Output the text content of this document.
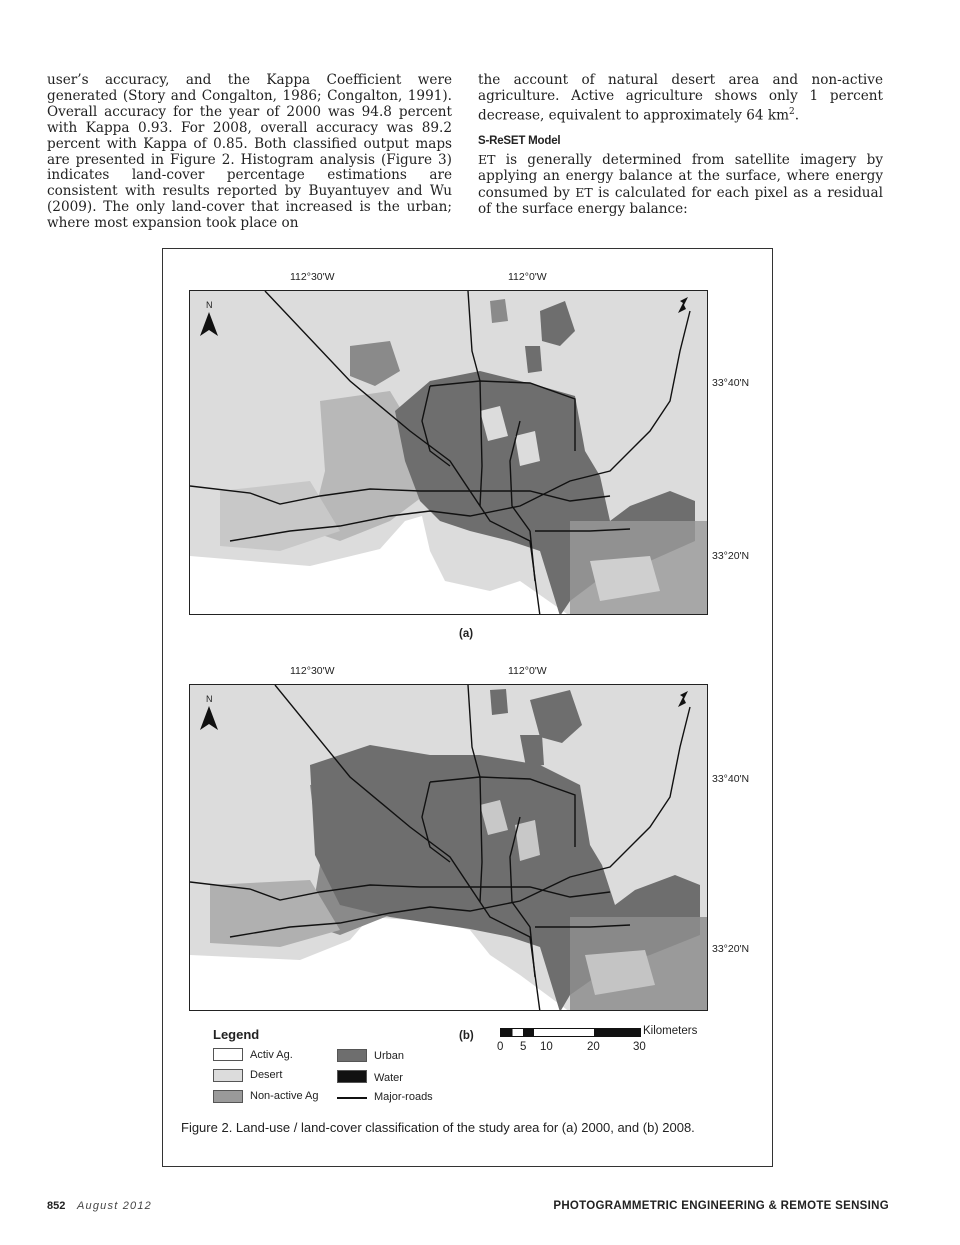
user’s accuracy, and the Kappa Coefficient were generated (Story and Congalton, 1986; Congalton, 1991). Overall accuracy for the year of 2000 was 94.8 percent with Kappa 0.93. For 2008, overall accuracy was 89.2 percent with Kappa of 0.85. Both classified output maps are presented in Figure 2. Histogram analysis (Figure 3) indicates land-cover percentage estimations are consistent with results reported by Buyantuyev and Wu (2009). The only land-cover that increased is the urban; where most expansion took place on

the account of natural desert area and non-active agriculture. Active agriculture shows only 1 percent decrease, equivalent to approximately 64 $km^2$.

S-ReSET Model

ET is generally determined from satellite imagery by applying an energy balance at the surface, where energy consumed by ET is calculated for each pixel as a residual of the surface energy balance:

112°30'W	112°0'W
33°40'N
33°20'N
N
(a)
112°30'W	112°0'W
33°40'N
33°20'N
N
Legend
Activ Ag.
Desert
Non-active Ag
Urban
Water
Major-roads
(b)	Kilometers
0 5 10	20	30
Figure 2. Land-use / land-cover classification of the study area for (a) 2000, and (b) 2008.
852 August 2012	PHOTOGRAMMETRIC ENGINEERING & REMOTE SENSING
